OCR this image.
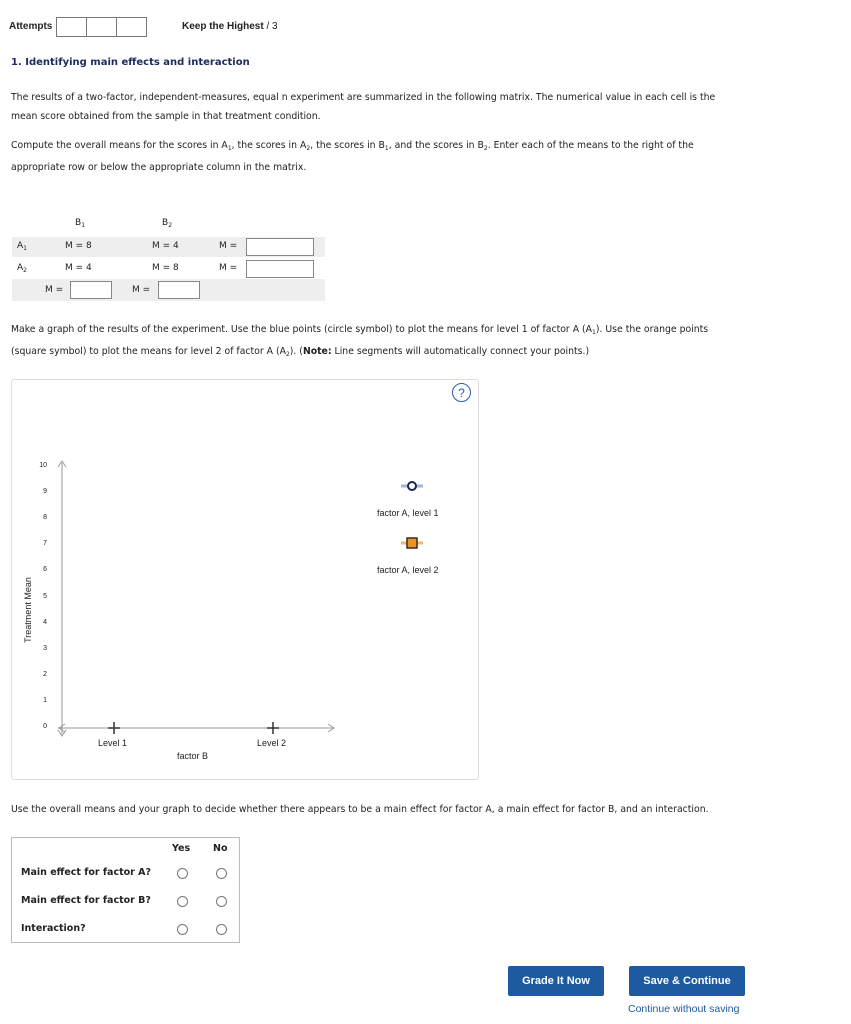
Attempts	Keep the Highest / 3
1. Identifying main effects and interaction
The results of a two-factor, independent-measures, equal n experiment are summarized in the following matrix. The numerical value in each cell is the
mean score obtained from the sample in that treatment condition.
Compute the overall means for the scores in $A_1$, the scores in $A_2$, the scores in $B_1$, and the scores in $B_2$. Enter each of the means to the right of the
appropriate row or below the appropriate column in the matrix.
$B_1$	$B_2$
$A_1$	M = 8	M = 4	M =
$A_2$	M = 4	M = 8	M =
M =	M =
Make a graph of the results of the experiment. Use the blue points (circle symbol) to plot the means for level 1 of factor A $(A_1)$. Use the orange points
(square symbol) to plot the means for level 2 of factor A $(A_2)$. (Note: Line segments will automatically connect your points.)
?
0
1
2
3
4
5
6
7
8
9
10
Level 1	Level 2
factor B
Treatment Mean
factor A, level 1
factor A, level 2
Use the overall means and your graph to decide whether there appears to be a main effect for factor A, a main effect for factor B, and an interaction.
Yes No
Main effect for factor A?
Main effect for factor B?
Interaction?
Grade It Now	Save & Continue
Continue without saving
